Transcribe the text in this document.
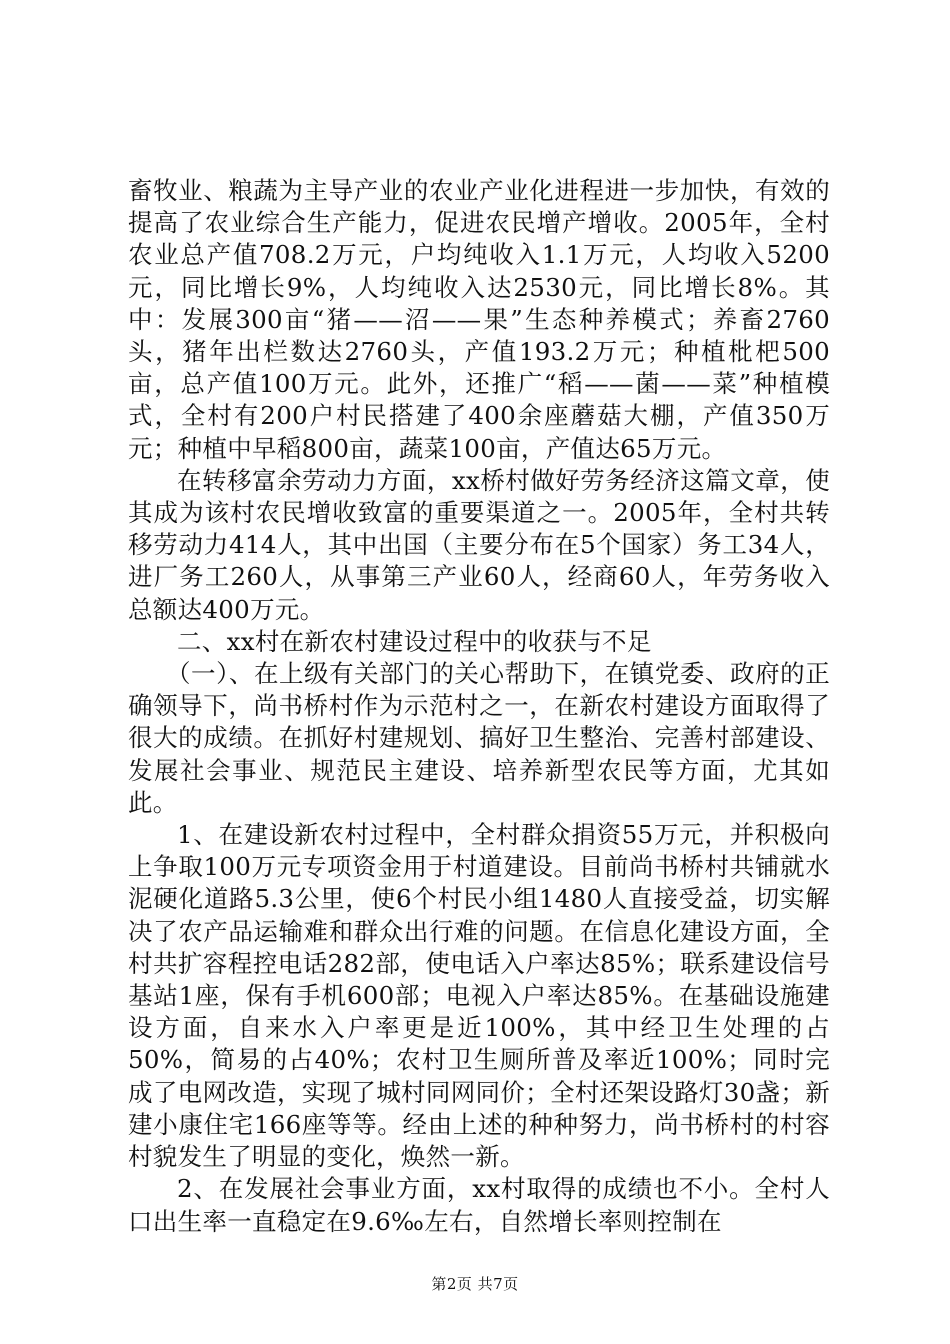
畜牧业、粮蔬为主导产业的农业产业化进程进一步加快，有效的提高了农业综合生产能力，促进农民增产增收。2005年，全村农业总产值708.2万元，户均纯收入1.1万元，人均收入5200元，同比增长9%，人均纯收入达2530元，同比增长8%。其中：发展300亩“猪——沼——果”生态种养模式；养畜2760头，猪年出栏数达2760头，产值193.2万元；种植枇杷500亩，总产值100万元。此外，还推广“稻——菌——菜”种植模式，全村有200户村民搭建了400余座蘑菇大棚，产值350万元；种植中早稻800亩，蔬菜100亩，产值达65万元。

在转移富余劳动力方面，xx桥村做好劳务经济这篇文章，使其成为该村农民增收致富的重要渠道之一。2005年，全村共转移劳动力414人，其中出国（主要分布在5个国家）务工34人，进厂务工260人，从事第三产业60人，经商60人，年劳务收入总额达400万元。

二、xx村在新农村建设过程中的收获与不足

（一）、在上级有关部门的关心帮助下，在镇党委、政府的正确领导下，尚书桥村作为示范村之一，在新农村建设方面取得了很大的成绩。在抓好村建规划、搞好卫生整治、完善村部建设、发展社会事业、规范民主建设、培养新型农民等方面，尤其如此。

1、在建设新农村过程中，全村群众捐资55万元，并积极向上争取100万元专项资金用于村道建设。目前尚书桥村共铺就水泥硬化道路5.3公里，使6个村民小组1480人直接受益，切实解决了农产品运输难和群众出行难的问题。在信息化建设方面，全村共扩容程控电话282部，使电话入户率达85%；联系建设信号基站1座，保有手机600部；电视入户率达85%。在基础设施建设方面，自来水入户率更是近100%，其中经卫生处理的占50%，简易的占40%；农村卫生厕所普及率近100%；同时完成了电网改造，实现了城村同网同价；全村还架设路灯30盏；新建小康住宅166座等等。经由上述的种种努力，尚书桥村的村容村貌发生了明显的变化，焕然一新。

2、在发展社会事业方面，xx村取得的成绩也不小。全村人口出生率一直稳定在9.6‰左右，自然增长率则控制在

第2页 共7页
